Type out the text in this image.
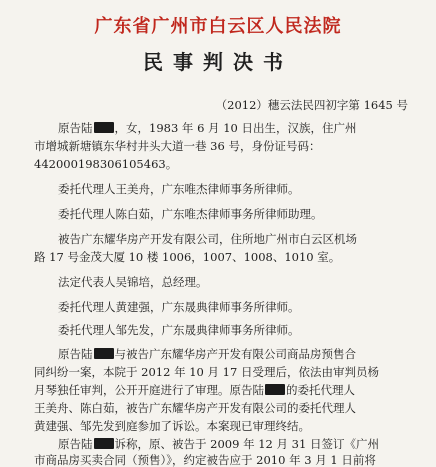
广东省广州市白云区人民法院
民事判决书
（2012）穗云法民四初字第 1645 号
原告陆 ，女，1983 年 6 月 10 日出生，汉族，住广州
市增城新塘镇东华村井头大道一巷 36 号，身份证号码：
442000198306105463。
委托代理人王美舟，广东唯杰律师事务所律师。
委托代理人陈白茹，广东唯杰律师事务所律师助理。
被告广东耀华房产开发有限公司，住所地广州市白云区机场
路 17 号金茂大厦 10 楼 1006，1007、1008、1010 室。
法定代表人吴锦培，总经理。
委托代理人黄建强，广东晟典律师事务所律师。
委托代理人邹先发，广东晟典律师事务所律师。
原告陆 与被告广东耀华房产开发有限公司商品房预售合
同纠纷一案，本院于 2012 年 10 月 17 日受理后，依法由审判员杨
月琴独任审判，公开开庭进行了审理。原告陆 的委托代理人
王美舟、陈白茹，被告广东耀华房产开发有限公司的委托代理人
黄建强、邹先发到庭参加了诉讼。本案现已审理终结。
原告陆 诉称，原、被告于 2009 年 12 月 31 日签订《广州
市商品房买卖合同（预售）》，约定被告应于 2010 年 3 月 1 日前将
